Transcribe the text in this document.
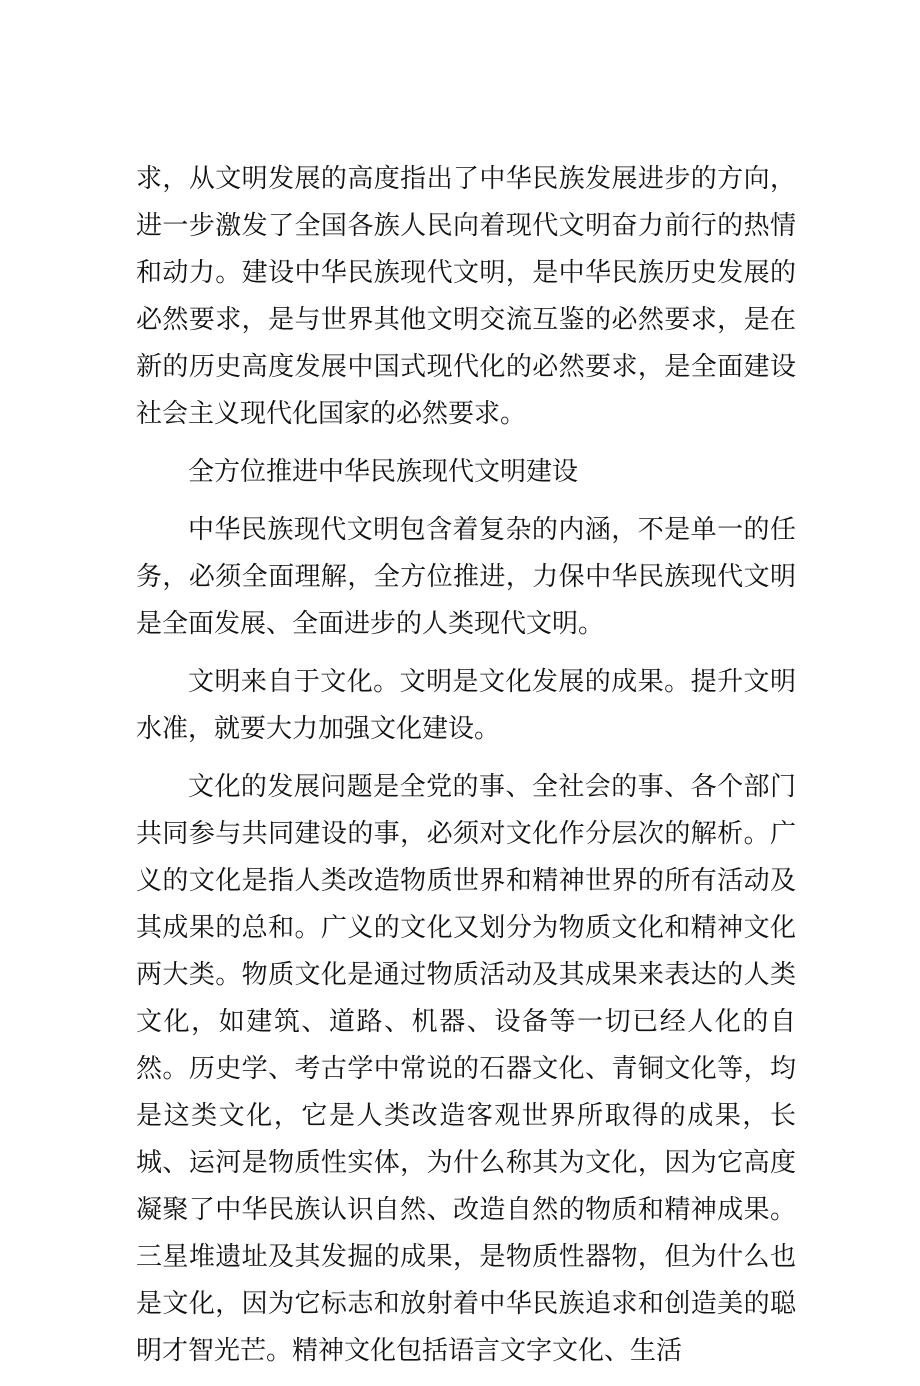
求，从文明发展的高度指出了中华民族发展进步的方向，进一步激发了全国各族人民向着现代文明奋力前行的热情和动力。建设中华民族现代文明，是中华民族历史发展的必然要求，是与世界其他文明交流互鉴的必然要求，是在新的历史高度发展中国式现代化的必然要求，是全面建设社会主义现代化国家的必然要求。

全方位推进中华民族现代文明建设

中华民族现代文明包含着复杂的内涵，不是单一的任务，必须全面理解，全方位推进，力保中华民族现代文明是全面发展、全面进步的人类现代文明。

文明来自于文化。文明是文化发展的成果。提升文明水准，就要大力加强文化建设。

文化的发展问题是全党的事、全社会的事、各个部门共同参与共同建设的事，必须对文化作分层次的解析。广义的文化是指人类改造物质世界和精神世界的所有活动及其成果的总和。广义的文化又划分为物质文化和精神文化两大类。物质文化是通过物质活动及其成果来表达的人类文化，如建筑、道路、机器、设备等一切已经人化的自然。历史学、考古学中常说的石器文化、青铜文化等，均是这类文化，它是人类改造客观世界所取得的成果，长城、运河是物质性实体，为什么称其为文化，因为它高度凝聚了中华民族认识自然、改造自然的物质和精神成果。三星堆遗址及其发掘的成果，是物质性器物，但为什么也是文化，因为它标志和放射着中华民族追求和创造美的聪明才智光芒。精神文化包括语言文字文化、生活
